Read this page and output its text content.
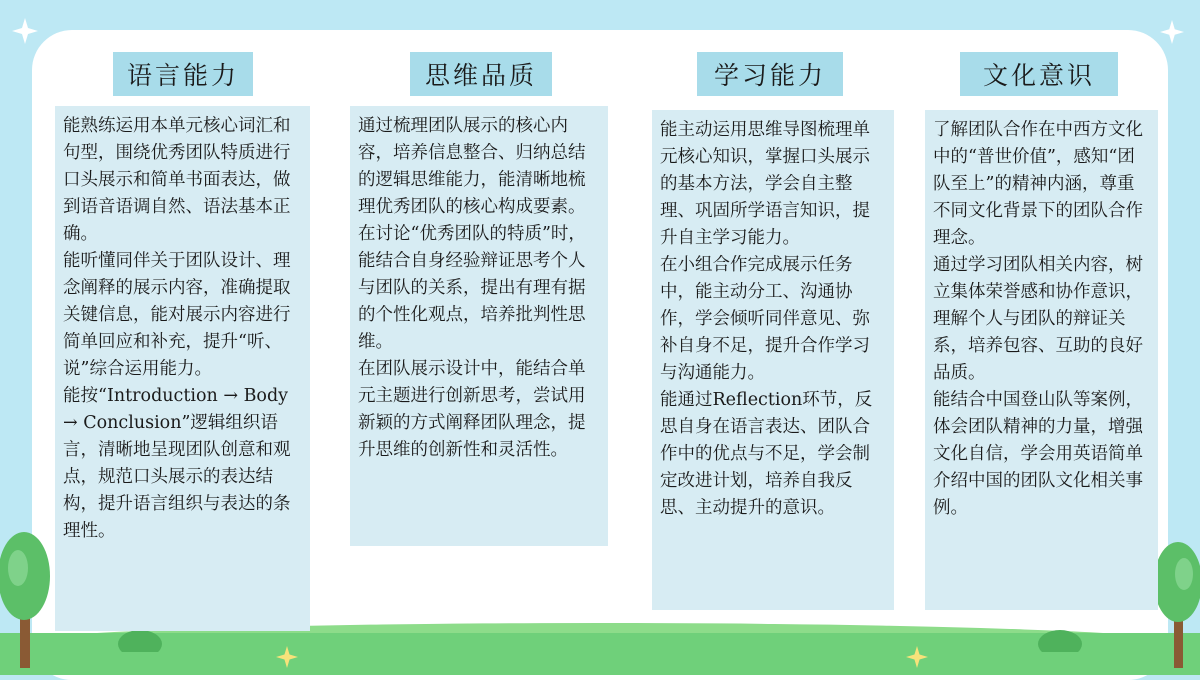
语言能力

能熟练运用本单元核心词汇和句型，围绕优秀团队特质进行口头展示和简单书面表达，做到语音语调自然、语法基本正确。

能听懂同伴关于团队设计、理念阐释的展示内容，准确提取关键信息，能对展示内容进行简单回应和补充，提升“听、说”综合运用能力。

能按“Introduction → Body → Conclusion”逻辑组织语言，清晰地呈现团队创意和观点，规范口头展示的表达结构，提升语言组织与表达的条理性。

思维品质

通过梳理团队展示的核心内容，培养信息整合、归纳总结的逻辑思维能力，能清晰地梳理优秀团队的核心构成要素。

在讨论“优秀团队的特质”时，能结合自身经验辩证思考个人与团队的关系，提出有理有据的个性化观点，培养批判性思维。

在团队展示设计中，能结合单元主题进行创新思考，尝试用新颖的方式阐释团队理念，提升思维的创新性和灵活性。

学习能力

能主动运用思维导图梳理单元核心知识，掌握口头展示的基本方法，学会自主整理、巩固所学语言知识，提升自主学习能力。

在小组合作完成展示任务中，能主动分工、沟通协作，学会倾听同伴意见、弥补自身不足，提升合作学习与沟通能力。

能通过Reflection环节，反思自身在语言表达、团队合作中的优点与不足，学会制定改进计划，培养自我反思、主动提升的意识。

文化意识

了解团队合作在中西方文化中的“普世价值”，感知“团队至上”的精神内涵，尊重不同文化背景下的团队合作理念。

通过学习团队相关内容，树立集体荣誉感和协作意识，理解个人与团队的辩证关系，培养包容、互助的良好品质。

能结合中国登山队等案例，体会团队精神的力量，增强文化自信，学会用英语简单介绍中国的团队文化相关事例。
